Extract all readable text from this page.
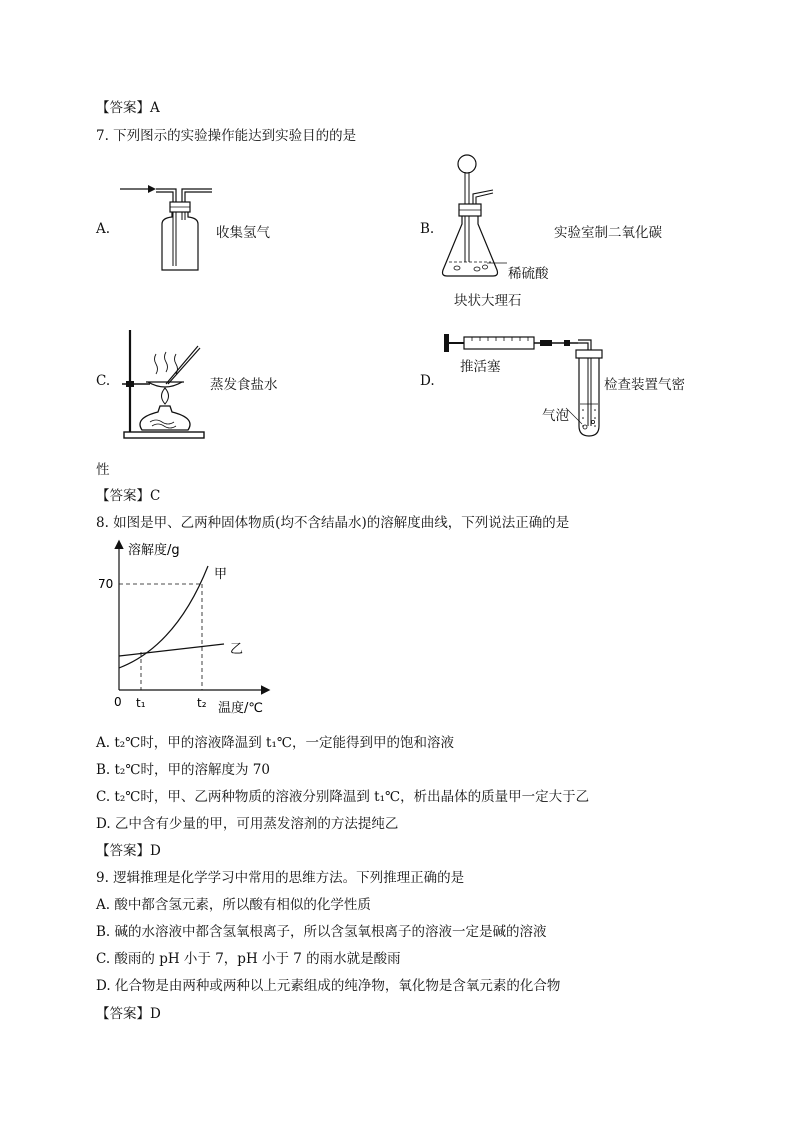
【答案】A
7. 下列图示的实验操作能达到实验目的的是
A.	收集氢气	B.	实验室制二氧化碳
稀硫酸
块状大理石
C.	蒸发食盐水	D.
推活塞
气泡
检查装置气密
性
【答案】C
8. 如图是甲、乙两种固体物质(均不含结晶水)的溶解度曲线，下列说法正确的是
溶解度/g
温度/℃
0
70
t₁	t₂
甲
乙
A. t₂℃时，甲的溶液降温到 t₁℃，一定能得到甲的饱和溶液
B. t₂℃时，甲的溶解度为 70
C. t₂℃时，甲、乙两种物质的溶液分别降温到 t₁℃，析出晶体的质量甲一定大于乙
D. 乙中含有少量的甲，可用蒸发溶剂的方法提纯乙
【答案】D
9. 逻辑推理是化学学习中常用的思维方法。下列推理正确的是
A. 酸中都含氢元素，所以酸有相似的化学性质
B. 碱的水溶液中都含氢氧根离子，所以含氢氧根离子的溶液一定是碱的溶液
C. 酸雨的 pH 小于 7，pH 小于 7 的雨水就是酸雨
D. 化合物是由两种或两种以上元素组成的纯净物，氧化物是含氧元素的化合物
【答案】D
